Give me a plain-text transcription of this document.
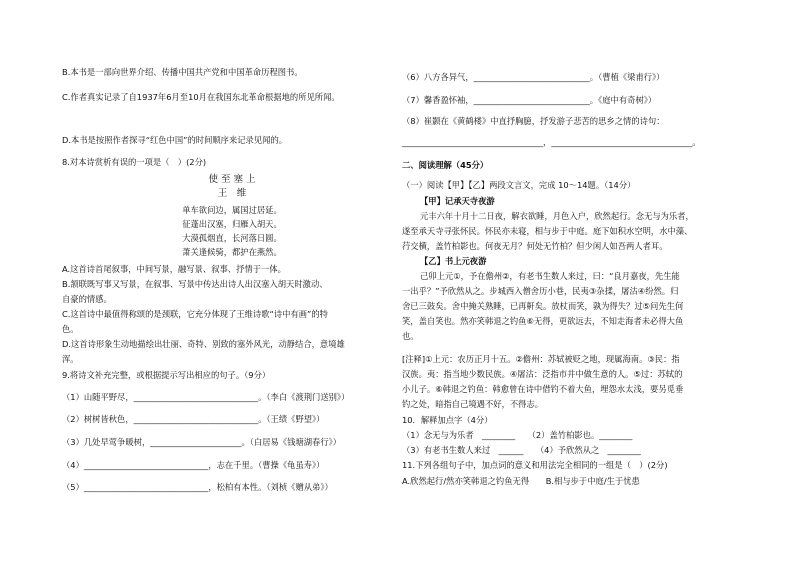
B.本书是一部向世界介绍、传播中国共产党和中国革命历程图书。
C.作者真实记录了自1937年6月至10月在我国东北革命根据地的所见所闻。
D.本书是按照作者探寻“红色中国”的时间顺序来记录见闻的。
8.对本诗赏析有误的一项是（　）(2分)
使 至 塞 上
王　维
单车欲问边，属国过居延。
征蓬出汉塞，归雁入胡天。
大漠孤烟直，长河落日圆。
萧关逢候骑，都护在燕然。
A.这首诗首尾叙事，中间写景，融写景、叙事、抒情于一体。
B.颔联既写事又写景，在叙事、写景中传达出诗人出汉塞入胡天时激动、
自豪的情感。
C.这首诗中最值得称颂的是颈联，它充分体现了王维诗歌“诗中有画”的特
色。
D.这首诗形象生动地描绘出壮丽、奇特、别致的塞外风光，动静结合，意境雄
浑。
9.将诗文补充完整，或根据提示写出相应的句子。（9分）
（1）山随平野尽，______________________________。（李白《渡荆门送别》）
（2）树树皆秋色，______________________________。（王绩《野望》）
（3）几处早莺争暖树，______________________。（白居易《钱塘湖春行》）
（4）______________________________，志在千里。（曹操《龟虽寿》）
（5）______________________________，松柏有本性。（刘桢《赠从弟》）
（6）八方各异气，____________________________。（曹植《梁甫行》）
（7）馨香盈怀袖，____________________________。《庭中有奇树》）
（8）崔颢在《黄鹤楼》中直抒胸臆，抒发游子悲苦的思乡之情的诗句：
__________________________________，__________________________________。
二、阅读理解（45分）
（一）阅读【甲】【乙】两段文言文，完成 10～14题。（14分）
【甲】记承天寺夜游
元丰六年十月十二日夜，解衣欲睡，月色入户，欣然起行。念无与为乐者，
遂至承天寺寻张怀民。怀民亦未寝，相与步于中庭。庭下如积水空明，水中藻、
荇交横，盖竹柏影也。何夜无月？何处无竹柏？但少闲人如吾两人者耳。
【乙】书上元夜游
己卯上元①，予在儋州②，有老书生数人来过，曰：“良月嘉夜，先生能
一出乎？”予欣然从之。步城西入僧舍历小巷，民夷③杂揉，屠沽④纷然。归
舍已三鼓矣。舍中掩关熟睡，已再鼾矣。放杖而笑，孰为得失？过⑤问先生何
笑，盖自笑也。然亦笑韩退之钓鱼⑥无得，更欲远去，不知走海者未必得大鱼
也。
[注释]①上元：农历正月十五。②儋州：苏轼被贬之地，现属海南。③民：指
汉族。夷：指当地少数民族。④屠沽：泛指市井中做生意的人。⑤过：苏轼的
小儿子。⑥韩退之钓鱼：韩愈曾在诗中借钓不着大鱼，埋怨水太浅，要另觅垂
钓之处，暗指自己境遇不好，不得志。
10．解释加点字（4分）
（1）念无与为乐者　________　　（2）盖竹柏影也。________
（3）有老书生数人来过　______　　（4）予欣然从之　________
11.下列各组句子中，加点词的意义和用法完全相同的一组是（　）(2分)
A.欣然起行/然亦笑韩退之钓鱼无得　　B.相与步于中庭/生于忧患
